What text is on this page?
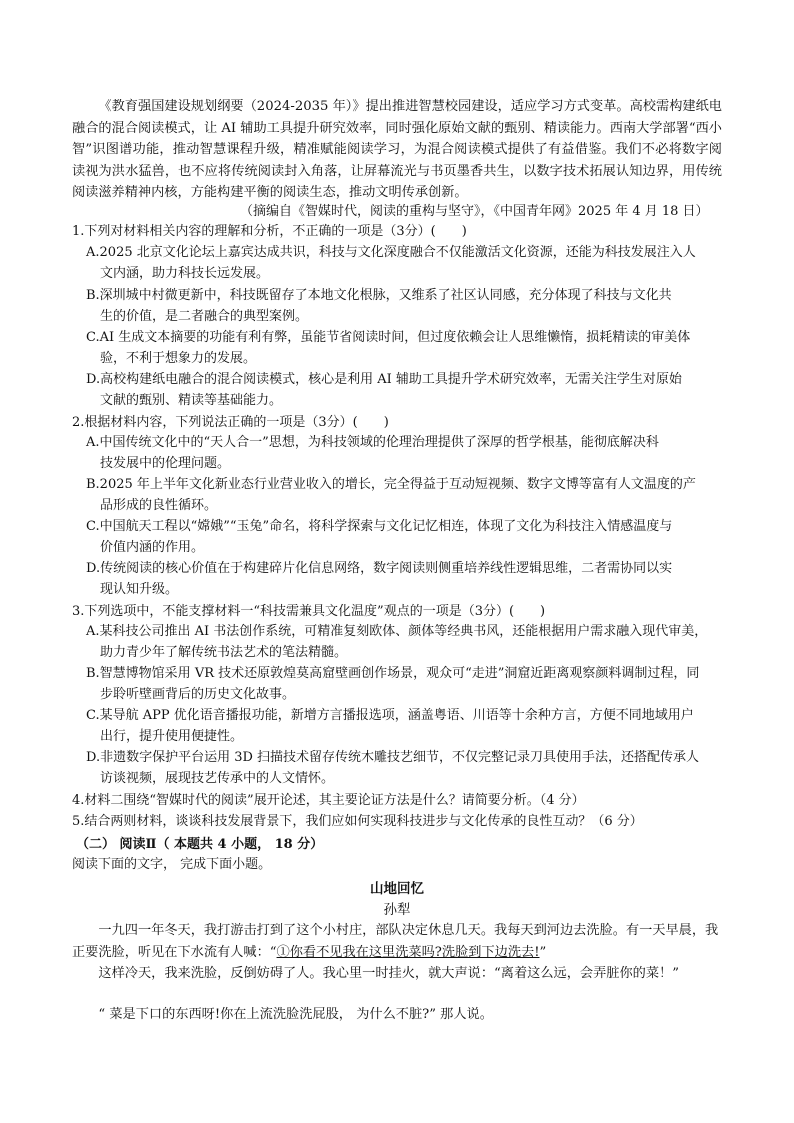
《教育强国建设规划纲要（2024-2035 年）》提出推进智慧校园建设，适应学习方式变革。高校需构建纸电融合的混合阅读模式，让 AI 辅助工具提升研究效率，同时强化原始文献的甄别、精读能力。西南大学部署“西小智”识图谱功能，推动智慧课程升级，精准赋能阅读学习，为混合阅读模式提供了有益借鉴。我们不必将数字阅读视为洪水猛兽，也不应将传统阅读封入角落，让屏幕流光与书页墨香共生，以数字技术拓展认知边界，用传统阅读滋养精神内核，方能构建平衡的阅读生态，推动文明传承创新。
（摘编自《智媒时代，阅读的重构与坚守》，《中国青年网》2025 年 4 月 18 日）
1.下列对材料相关内容的理解和分析，不正确的一项是（3分）(　　)
A.2025 北京文化论坛上嘉宾达成共识，科技与文化深度融合不仅能激活文化资源，还能为科技发展注入人
文内涵，助力科技长远发展。
B.深圳城中村微更新中，科技既留存了本地文化根脉，又维系了社区认同感，充分体现了科技与文化共
生的价值，是二者融合的典型案例。
C.AI 生成文本摘要的功能有利有弊，虽能节省阅读时间，但过度依赖会让人思维懒惰，损耗精读的审美体
验，不利于想象力的发展。
D.高校构建纸电融合的混合阅读模式，核心是利用 AI 辅助工具提升学术研究效率，无需关注学生对原始
文献的甄别、精读等基础能力。
2.根据材料内容，下列说法正确的一项是（3分）(　　)
A.中国传统文化中的“天人合一”思想，为科技领域的伦理治理提供了深厚的哲学根基，能彻底解决科
技发展中的伦理问题。
B.2025 年上半年文化新业态行业营业收入的增长，完全得益于互动短视频、数字文博等富有人文温度的产
品形成的良性循环。
C.中国航天工程以“嫦娥”“玉兔”命名，将科学探索与文化记忆相连，体现了文化为科技注入情感温度与
价值内涵的作用。
D.传统阅读的核心价值在于构建碎片化信息网络，数字阅读则侧重培养线性逻辑思维，二者需协同以实
现认知升级。
3.下列选项中，不能支撑材料一“科技需兼具文化温度”观点的一项是（3分）(　　)
A.某科技公司推出 AI 书法创作系统，可精准复刻欧体、颜体等经典书风，还能根据用户需求融入现代审美，
助力青少年了解传统书法艺术的笔法精髓。
B.智慧博物馆采用 VR 技术还原敦煌莫高窟壁画创作场景，观众可“走进”洞窟近距离观察颜料调制过程，同
步聆听壁画背后的历史文化故事。
C.某导航 APP 优化语音播报功能，新增方言播报选项，涵盖粤语、川语等十余种方言，方便不同地域用户
出行，提升使用便捷性。
D.非遗数字保护平台运用 3D 扫描技术留存传统木雕技艺细节，不仅完整记录刀具使用手法，还搭配传承人
访谈视频，展现技艺传承中的人文情怀。
4.材料二围绕“智媒时代的阅读”展开论述，其主要论证方法是什么？请简要分析。（4 分）
5.结合两则材料，谈谈科技发展背景下，我们应如何实现科技进步与文化传承的良性互动？（6 分）
（二） 阅读Ⅱ（ 本题共 4 小题， 18 分）
阅读下面的文字， 完成下面小题。
山地回忆
孙犁
一九四一年冬天，我打游击打到了这个小村庄，部队决定休息几天。我每天到河边去洗脸。有一天早晨，我正要洗脸，听见在下水流有人喊：“①你看不见我在这里洗菜吗?洗脸到下边洗去!”
这样冷天，我来洗脸，反倒妨碍了人。我心里一时挂火，就大声说：“离着这么远，会弄脏你的菜！”
“ 菜是下口的东西呀!你在上流洗脸洗屁股， 为什么不脏?” 那人说。
